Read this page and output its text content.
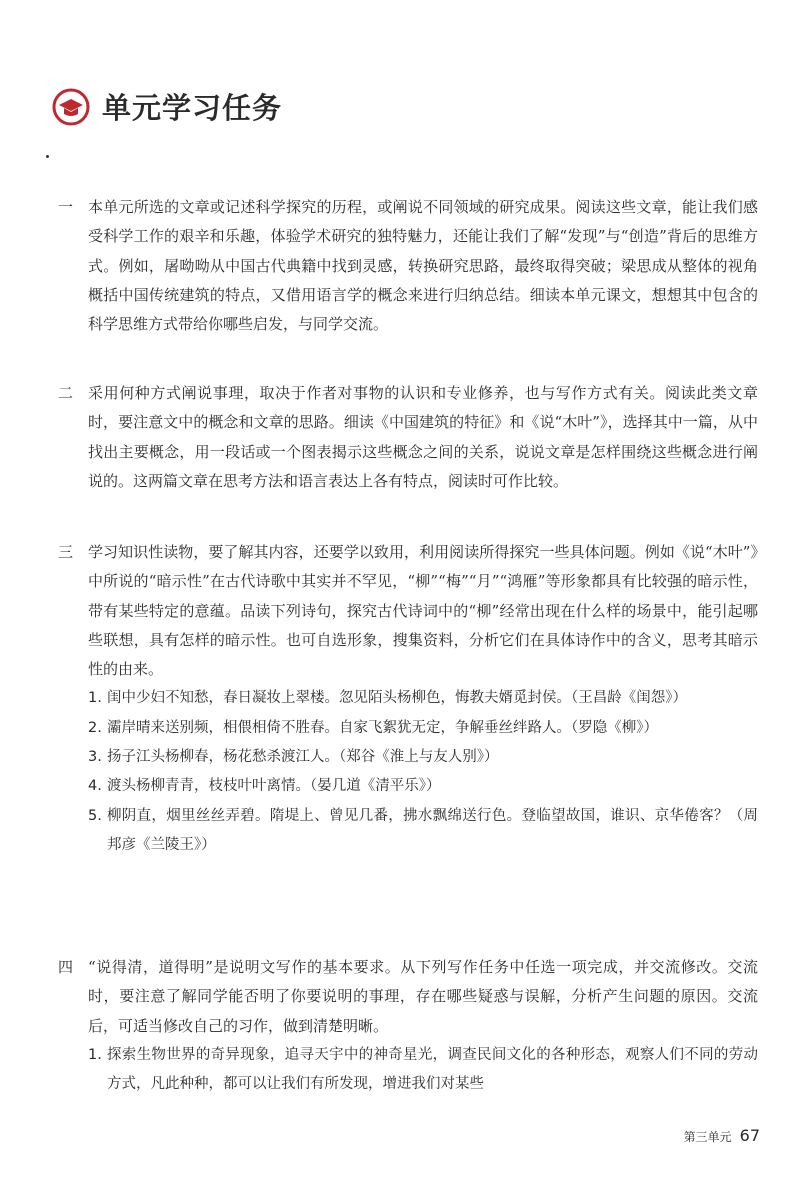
单元学习任务
一 本单元所选的文章或记述科学探究的历程，或阐说不同领域的研究成果。阅读这些文章，能让我们感受科学工作的艰辛和乐趣，体验学术研究的独特魅力，还能让我们了解“发现”与“创造”背后的思维方式。例如，屠呦呦从中国古代典籍中找到灵感，转换研究思路，最终取得突破；梁思成从整体的视角概括中国传统建筑的特点，又借用语言学的概念来进行归纳总结。细读本单元课文，想想其中包含的科学思维方式带给你哪些启发，与同学交流。
二 采用何种方式阐说事理，取决于作者对事物的认识和专业修养，也与写作方式有关。阅读此类文章时，要注意文中的概念和文章的思路。细读《中国建筑的特征》和《说“木叶”》，选择其中一篇，从中找出主要概念，用一段话或一个图表揭示这些概念之间的关系，说说文章是怎样围绕这些概念进行阐说的。这两篇文章在思考方法和语言表达上各有特点，阅读时可作比较。
三 学习知识性读物，要了解其内容，还要学以致用，利用阅读所得探究一些具体问题。例如《说“木叶”》中所说的“暗示性”在古代诗歌中其实并不罕见，“柳”“梅”“月”“鸿雁”等形象都具有比较强的暗示性，带有某些特定的意蕴。品读下列诗句，探究古代诗词中的“柳”经常出现在什么样的场景中，能引起哪些联想，具有怎样的暗示性。也可自选形象，搜集资料，分析它们在具体诗作中的含义，思考其暗示性的由来。
1. 闺中少妇不知愁，春日凝妆上翠楼。忽见陌头杨柳色，悔教夫婿觅封侯。（王昌龄《闺怨》）
2. 灞岸晴来送别频，相偎相倚不胜春。自家飞絮犹无定，争解垂丝绊路人。（罗隐《柳》）
3. 扬子江头杨柳春，杨花愁杀渡江人。（郑谷《淮上与友人别》）
4. 渡头杨柳青青，枝枝叶叶离情。（晏几道《清平乐》）
5. 柳阴直，烟里丝丝弄碧。隋堤上、曾见几番，拂水飘绵送行色。登临望故国，谁识、京华倦客？（周邦彦《兰陵王》）
四 “说得清，道得明”是说明文写作的基本要求。从下列写作任务中任选一项完成，并交流修改。交流时，要注意了解同学能否明了你要说明的事理，存在哪些疑惑与误解，分析产生问题的原因。交流后，可适当修改自己的习作，做到清楚明晰。
1. 探索生物世界的奇异现象，追寻天宇中的神奇星光，调查民间文化的各种形态，观察人们不同的劳动方式，凡此种种，都可以让我们有所发现，增进我们对某些
第三单元 67
